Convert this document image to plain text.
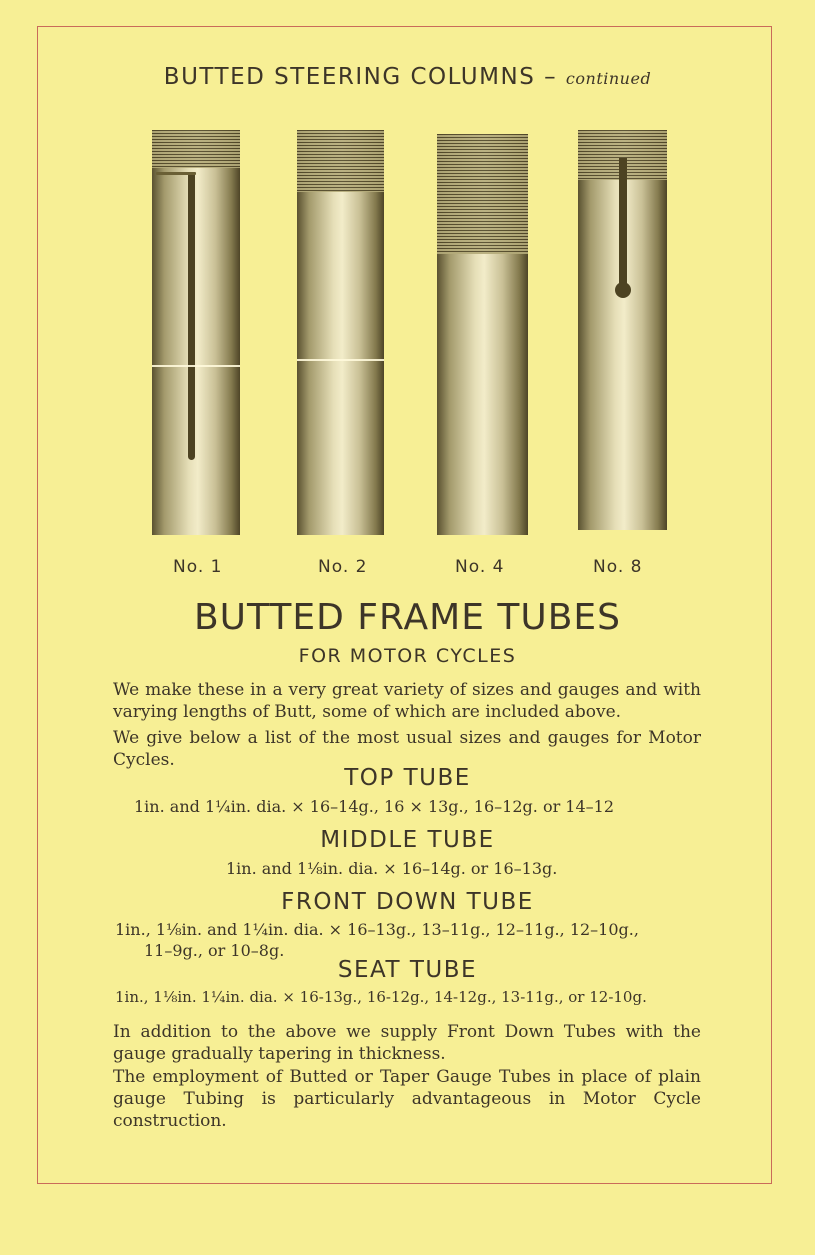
BUTTED STEERING COLUMNS – continued
No. 1	No. 2	No. 4	No. 8
BUTTED FRAME TUBES
FOR MOTOR CYCLES
We make these in a very great variety of sizes and gauges and with varying lengths of Butt, some of which are included above.
We give below a list of the most usual sizes and gauges for Motor Cycles.
TOP TUBE
1in. and 1¼in. dia. × 16–14g., 16 × 13g., 16–12g. or 14–12
MIDDLE TUBE
1in. and 1⅛in. dia. × 16–14g. or 16–13g.
FRONT DOWN TUBE
1in., 1⅛in. and 1¼in. dia. × 16–13g., 13–11g., 12–11g., 12–10g.,
11–9g., or 10–8g.
SEAT TUBE
1in., 1⅛in. 1¼in. dia. × 16-13g., 16-12g., 14-12g., 13-11g., or 12-10g.
In addition to the above we supply Front Down Tubes with the gauge gradually tapering in thickness.
The employment of Butted or Taper Gauge Tubes in place of plain gauge Tubing is particularly advantageous in Motor Cycle construction.
